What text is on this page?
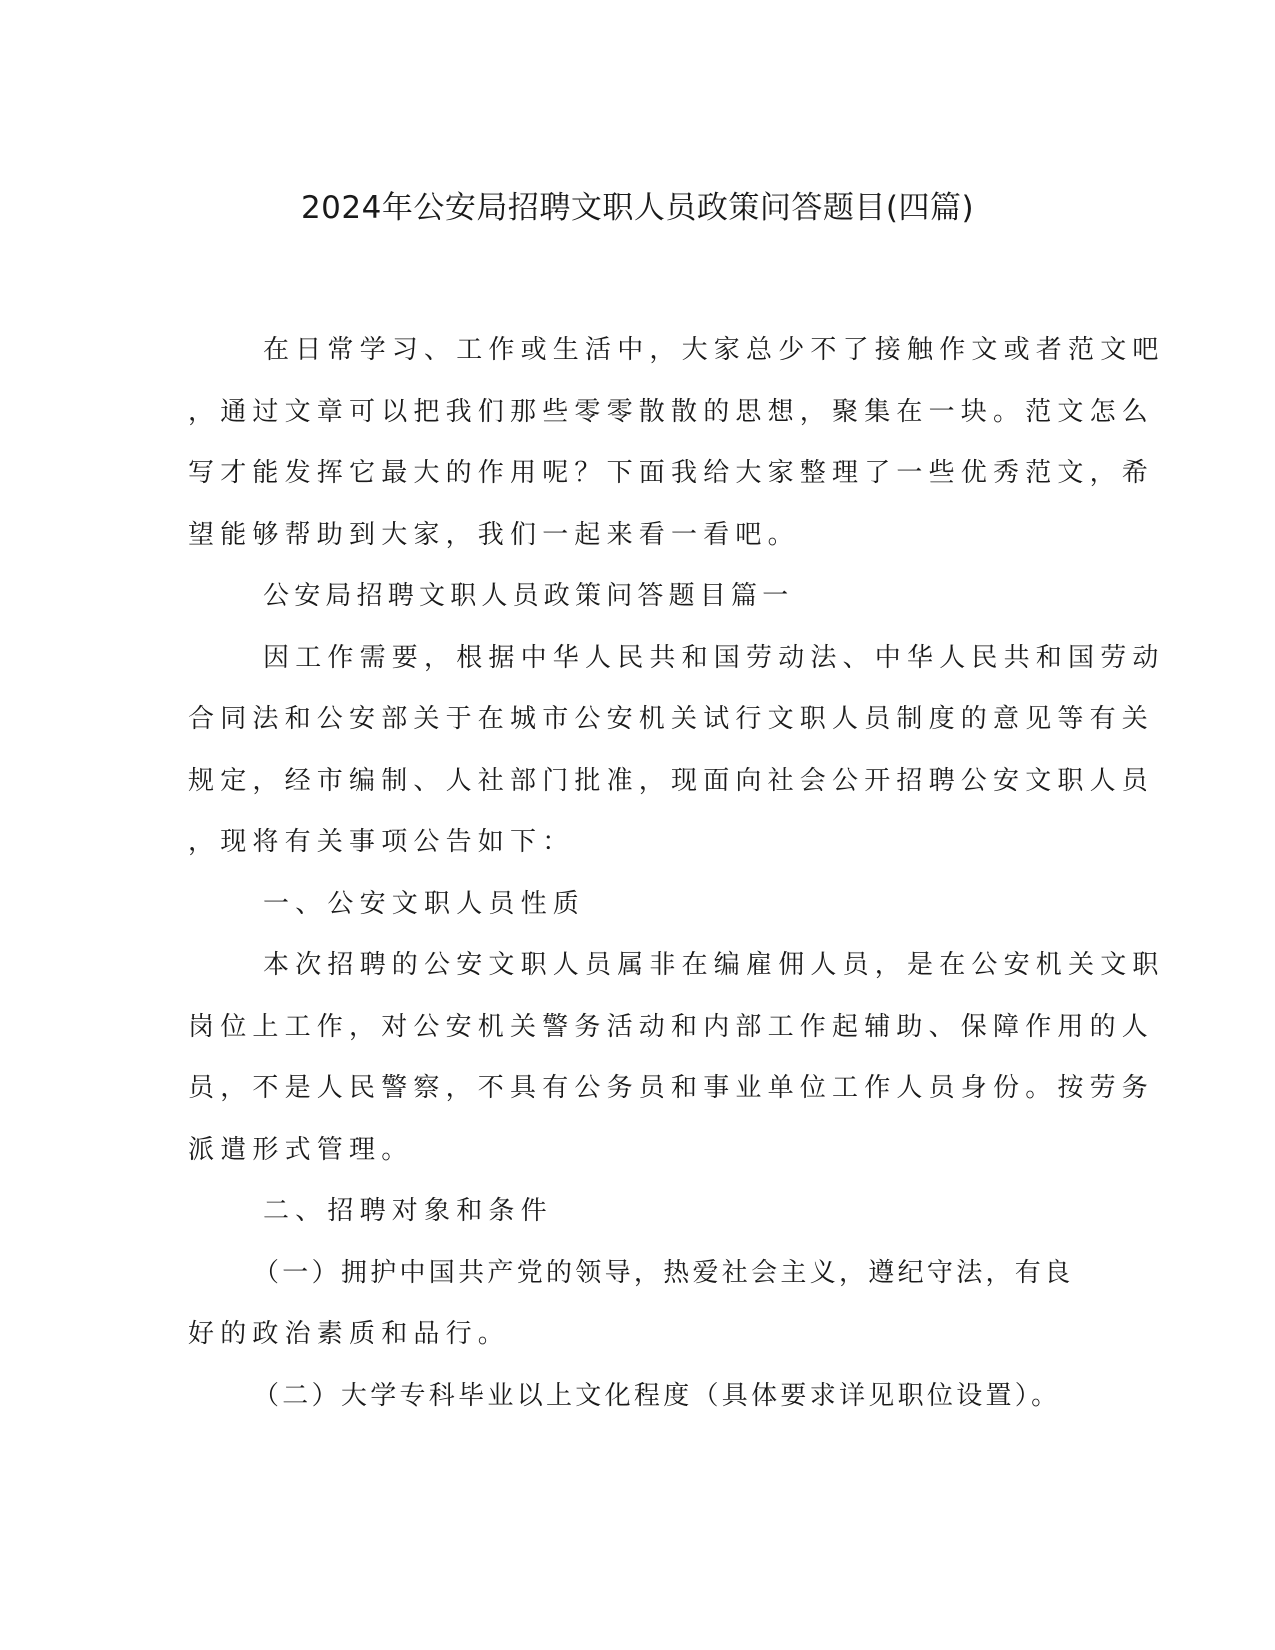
2024年公安局招聘文职人员政策问答题目(四篇)
在日常学习、工作或生活中，大家总少不了接触作文或者范文吧
，通过文章可以把我们那些零零散散的思想，聚集在一块。范文怎么
写才能发挥它最大的作用呢？下面我给大家整理了一些优秀范文，希
望能够帮助到大家，我们一起来看一看吧。
公安局招聘文职人员政策问答题目篇一
因工作需要，根据中华人民共和国劳动法、中华人民共和国劳动
合同法和公安部关于在城市公安机关试行文职人员制度的意见等有关
规定，经市编制、人社部门批准，现面向社会公开招聘公安文职人员
，现将有关事项公告如下：
一、公安文职人员性质
本次招聘的公安文职人员属非在编雇佣人员，是在公安机关文职
岗位上工作，对公安机关警务活动和内部工作起辅助、保障作用的人
员，不是人民警察，不具有公务员和事业单位工作人员身份。按劳务
派遣形式管理。
二、招聘对象和条件
（一）拥护中国共产党的领导，热爱社会主义，遵纪守法，有良
好的政治素质和品行。
（二）大学专科毕业以上文化程度（具体要求详见职位设置）。
